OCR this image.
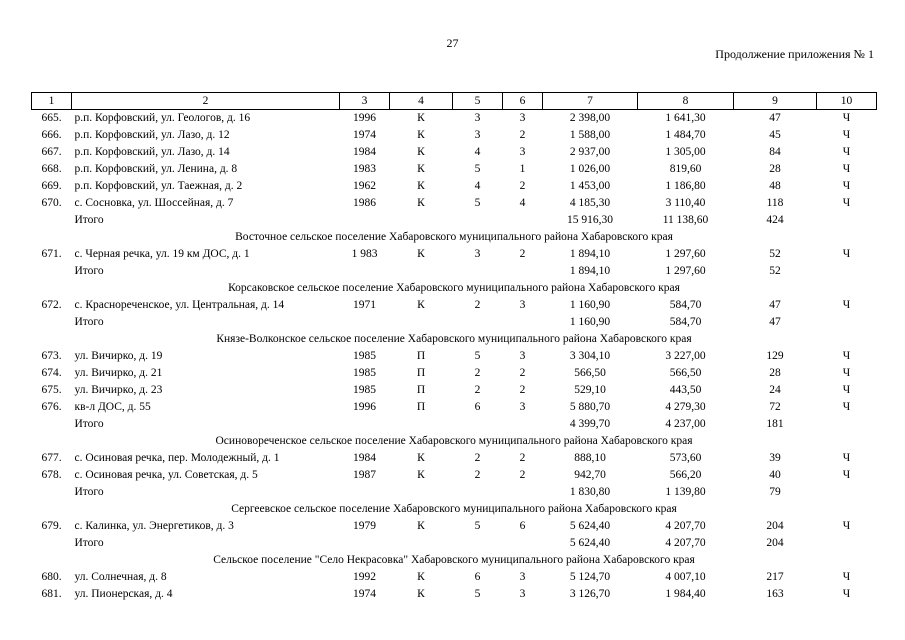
27
Продолжение приложения № 1
1	2	3	4	5	6	7	8	9	10
665.	р.п. Корфовский, ул. Геологов, д. 16	1996	К	3	3	2 398,00	1 641,30	47	Ч
666.	р.п. Корфовский, ул. Лазо, д. 12	1974	К	3	2	1 588,00	1 484,70	45	Ч
667.	р.п. Корфовский, ул. Лазо, д. 14	1984	К	4	3	2 937,00	1 305,00	84	Ч
668.	р.п. Корфовский, ул. Ленина, д. 8	1983	К	5	1	1 026,00	819,60	28	Ч
669.	р.п. Корфовский, ул. Таежная, д. 2	1962	К	4	2	1 453,00	1 186,80	48	Ч
670.	с. Сосновка, ул. Шоссейная, д. 7	1986	К	5	4	4 185,30	3 110,40	118	Ч
	Итого					15 916,30	11 138,60	424	
Восточное сельское поселение Хабаровского муниципального района Хабаровского края									
671.	с. Черная речка, ул. 19 км ДОС, д. 1	1 983	К	3	2	1 894,10	1 297,60	52	Ч
	Итого					1 894,10	1 297,60	52	
Корсаковское сельское поселение Хабаровского муниципального района Хабаровского края									
672.	с. Краснореченское, ул. Центральная, д. 14	1971	К	2	3	1 160,90	584,70	47	Ч
	Итого					1 160,90	584,70	47	
Князе-Волконское сельское поселение Хабаровского муниципального района Хабаровского края									
673.	ул. Вичирко, д. 19	1985	П	5	3	3 304,10	3 227,00	129	Ч
674.	ул. Вичирко, д. 21	1985	П	2	2	566,50	566,50	28	Ч
675.	ул. Вичирко, д. 23	1985	П	2	2	529,10	443,50	24	Ч
676.	кв-л ДОС, д. 55	1996	П	6	3	5 880,70	4 279,30	72	Ч
	Итого					4 399,70	4 237,00	181	
Осиновореченское сельское поселение Хабаровского муниципального района Хабаровского края									
677.	с. Осиновая речка, пер. Молодежный, д. 1	1984	К	2	2	888,10	573,60	39	Ч
678.	с. Осиновая речка, ул. Советская, д. 5	1987	К	2	2	942,70	566,20	40	Ч
	Итого					1 830,80	1 139,80	79	
Сергеевское сельское поселение Хабаровского муниципального района Хабаровского края									
679.	с. Калинка, ул. Энергетиков, д. 3	1979	К	5	6	5 624,40	4 207,70	204	Ч
	Итого					5 624,40	4 207,70	204	
Сельское поселение "Село Некрасовка" Хабаровского муниципального района Хабаровского края									
680.	ул. Солнечная, д. 8	1992	К	6	3	5 124,70	4 007,10	217	Ч
681.	ул. Пионерская, д. 4	1974	К	5	3	3 126,70	1 984,40	163	Ч
